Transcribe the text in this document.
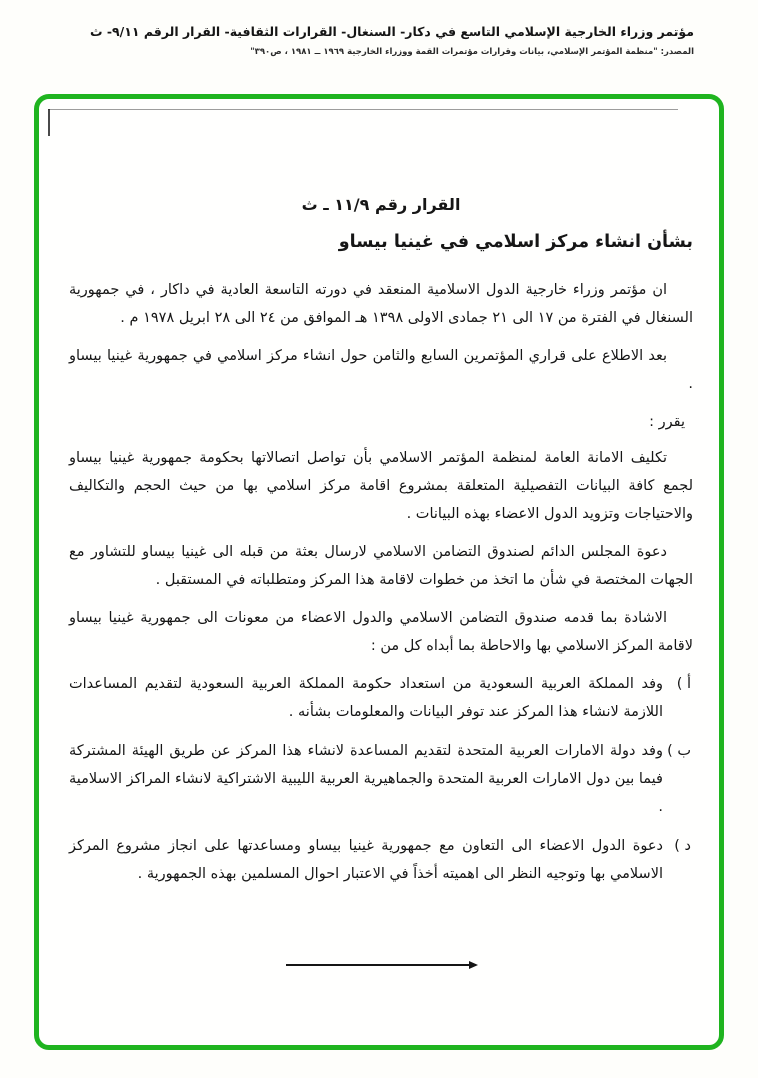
مؤتمر وزراء الخارجية الإسلامي التاسع في دكار- السنغال- القرارات الثقافية- القرار الرقم ٩/١١- ث
المصدر: "منظمة المؤتمر الإسلامي، بيانات وقرارات مؤتمرات القمة ووزراء الخارجية ١٩٦٩ ــ ١٩٨١ ، ص٣٩٠"
القرار رقم ١١/٩ ـ ث
بشأن انشاء مركز اسلامي في غينيا بيساو

ان مؤتمر وزراء خارجية الدول الاسلامية المنعقد في دورته التاسعة العادية في داكار ، في جمهورية السنغال في الفترة من ١٧ الى ٢١ جمادى الاولى ١٣٩٨ هـ الموافق من ٢٤ الى ٢٨ ابريل ١٩٧٨ م .

بعد الاطلاع على قراري المؤتمرين السابع والثامن حول انشاء مركز اسلامي في جمهورية غينيا بيساو .

يقرر :

تكليف الامانة العامة لمنظمة المؤتمر الاسلامي بأن تواصل اتصالاتها بحكومة جمهورية غينيا بيساو لجمع كافة البيانات التفصيلية المتعلقة بمشروع اقامة مركز اسلامي بها من حيث الحجم والتكاليف والاحتياجات وتزويد الدول الاعضاء بهذه البيانات .

دعوة المجلس الدائم لصندوق التضامن الاسلامي لارسال بعثة من قبله الى غينيا بيساو للتشاور مع الجهات المختصة في شأن ما اتخذ من خطوات لاقامة هذا المركز ومتطلباته في المستقبل .

الاشادة بما قدمه صندوق التضامن الاسلامي والدول الاعضاء من معونات الى جمهورية غينيا بيساو لاقامة المركز الاسلامي بها والاحاطة بما أبداه كل من :

أ )
وفد المملكة العربية السعودية من استعداد حكومة المملكة العربية السعودية لتقديم المساعدات اللازمة لانشاء هذا المركز عند توفر البيانات والمعلومات بشأنه .
ب )
وفد دولة الامارات العربية المتحدة لتقديم المساعدة لانشاء هذا المركز عن طريق الهيئة المشتركة فيما بين دول الامارات العربية المتحدة والجماهيرية العربية الليبية الاشتراكية لانشاء المراكز الاسلامية .
د )
دعوة الدول الاعضاء الى التعاون مع جمهورية غينيا بيساو ومساعدتها على انجاز مشروع المركز الاسلامي بها وتوجيه النظر الى اهميته أخذاً في الاعتبار احوال المسلمين بهذه الجمهورية .
